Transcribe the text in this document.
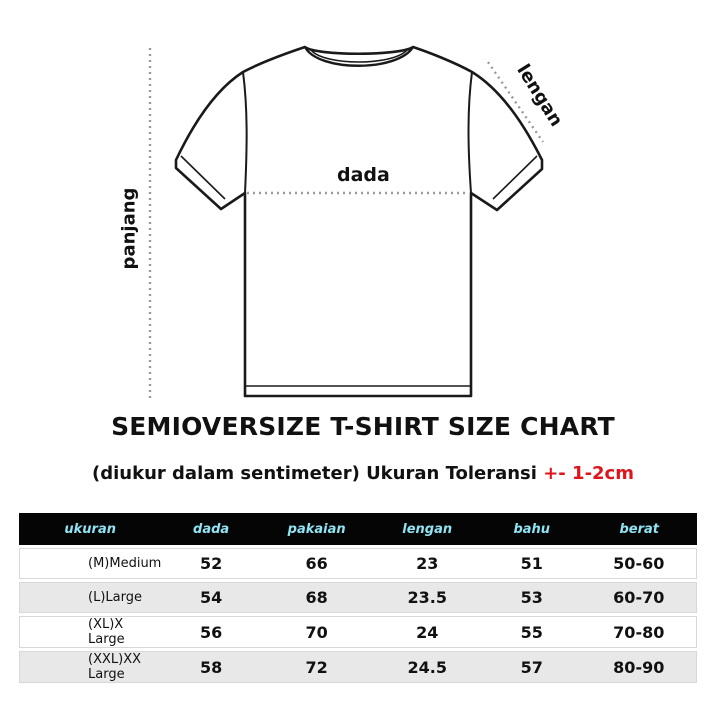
dada
panjang
lengan
SEMIOVERSIZE T-SHIRT SIZE CHART
(diukur dalam sentimeter) Ukuran Toleransi +- 1-2cm
ukuran	dada	pakaian	lengan	bahu	berat
(M)Medium	52	66	23	51	50-60
(L)Large	54	68	23.5	53	60-70
(XL)X Large	56	70	24	55	70-80
(XXL)XX Large	58	72	24.5	57	80-90
